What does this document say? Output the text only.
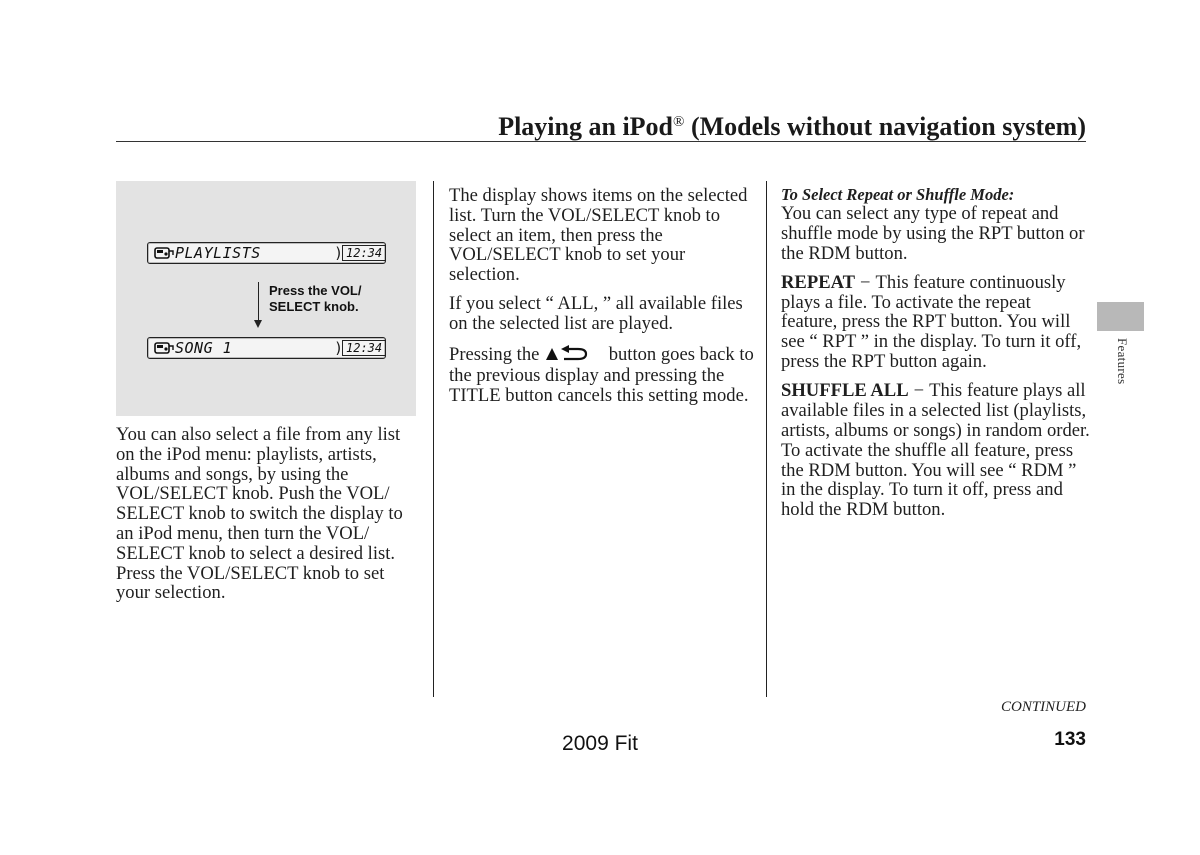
Playing an iPod® (Models without navigation system)
PLAYLISTS	) 12:34
Press the VOL/
SELECT knob.
SONG 1	) 12:34

You can also select a file from any list on the iPod menu: playlists, artists, albums and songs, by using the VOL/SELECT knob. Push the VOL/ SELECT knob to switch the display to an iPod menu, then turn the VOL/ SELECT knob to select a desired list. Press the VOL/SELECT knob to set your selection.

The display shows items on the selected list. Turn the VOL/SELECT knob to select an item, then press the VOL/SELECT knob to set your selection.

If you select “ ALL, ” all available files on the selected list are played.

Pressing the	button goes back to the previous display and pressing the TITLE button cancels this setting mode.

To Select Repeat or Shuffle Mode:

You can select any type of repeat and shuffle mode by using the RPT button or the RDM button.

REPEAT − This feature continuously plays a file. To activate the repeat feature, press the RPT button. You will see “ RPT ” in the display. To turn it off, press the RPT button again.

SHUFFLE ALL − This feature plays all available files in a selected list (playlists, artists, albums or songs) in random order. To activate the shuffle all feature, press the RDM button. You will see “ RDM ” in the display. To turn it off, press and hold the RDM button.

Features
CONTINUED
133
2009 Fit
